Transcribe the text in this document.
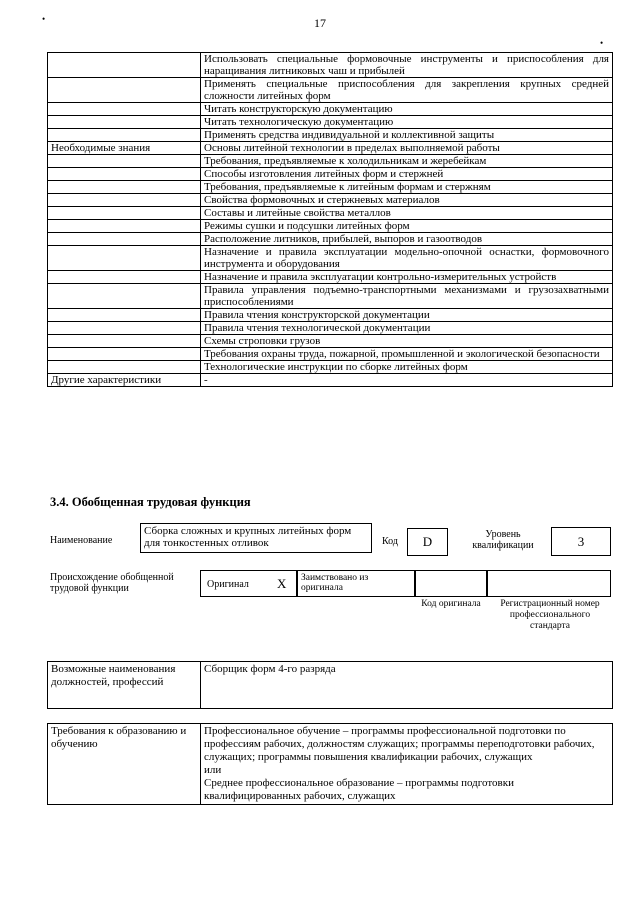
•
•
17
	Использовать специальные формовочные инструменты и приспособления для наращивания литниковых чаш и прибылей
	Применять специальные приспособления для закрепления крупных средней сложности литейных форм
	Читать конструкторскую документацию
	Читать технологическую документацию
	Применять средства индивидуальной и коллективной защиты
Необходимые знания	Основы литейной технологии в пределах выполняемой работы
	Требования, предъявляемые к холодильникам и жеребейкам
	Способы изготовления литейных форм и стержней
	Требования, предъявляемые к литейным формам и стержням
	Свойства формовочных и стержневых материалов
	Составы и литейные свойства металлов
	Режимы сушки и подсушки литейных форм
	Расположение литников, прибылей, выпоров и газоотводов
	Назначение и правила эксплуатации модельно-опочной оснастки, формовочного инструмента и оборудования
	Назначение и правила эксплуатации контрольно-измерительных устройств
	Правила управления подъемно-транспортными механизмами и грузозахватными приспособлениями
	Правила чтения конструкторской документации
	Правила чтения технологической документации
	Схемы строповки грузов
	Требования охраны труда, пожарной, промышленной и экологической безопасности
	Технологические инструкции по сборке литейных форм
Другие характеристики	-
3.4. Обобщенная трудовая функция
Наименование
Сборка сложных и крупных литейных форм для тонкостенных отливок	Код	D	Уровень квалификации	3
Происхождение обобщенной трудовой функции	Оригинал X	Заимствовано из оригинала
Код оригинала	Регистрационный номер профессионального стандарта
Возможные наименования должностей, профессий	Сборщик форм 4-го разряда
Требования к образованию и обучению	
Профессиональное обучение – программы профессиональной подготовки по профессиям рабочих, должностям служащих; программы переподготовки рабочих, служащих; программы повышения квалификации рабочих, служащих
или
Среднее профессиональное образование – программы подготовки квалифицированных рабочих, служащих
